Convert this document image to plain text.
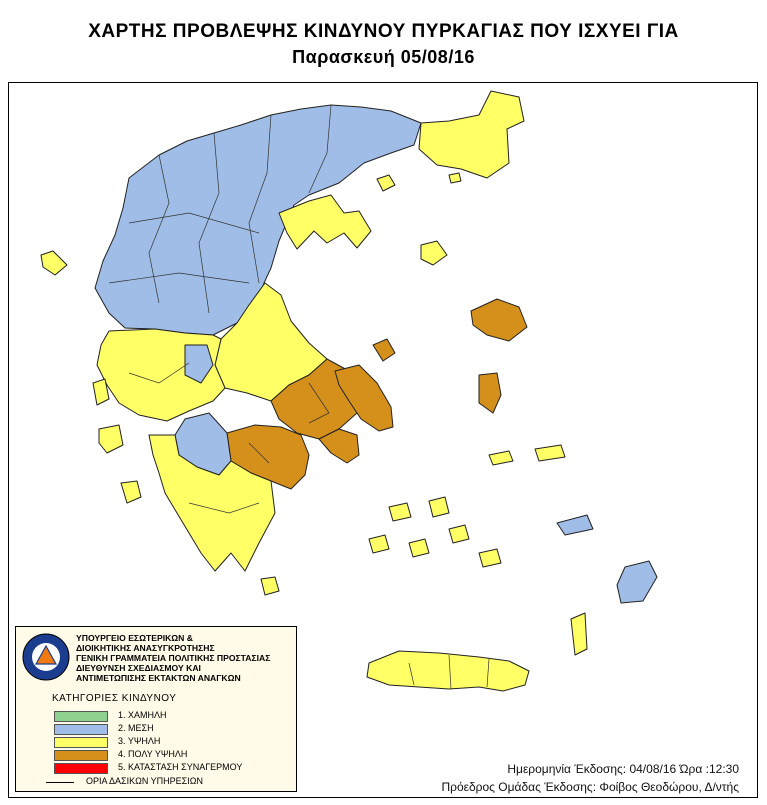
ΧΑΡΤΗΣ ΠΡΟΒΛΕΨΗΣ ΚΙΝΔΥΝΟΥ ΠΥΡΚΑΓΙΑΣ ΠΟΥ ΙΣΧΥΕΙ ΓΙΑ
Παρασκευή 05/08/16
ΥΠΟΥΡΓΕΙΟ ΕΣΩΤΕΡΙΚΩΝ &
ΔΙΟΙΚΗΤΙΚΗΣ ΑΝΑΣΥΓΚΡΟΤΗΣΗΣ
ΓΕΝΙΚΗ ΓΡΑΜΜΑΤΕΙΑ ΠΟΛΙΤΙΚΗΣ ΠΡΟΣΤΑΣΙΑΣ
ΔΙΕΥΘΥΝΣΗ ΣΧΕΔΙΑΣΜΟΥ ΚΑΙ
ΑΝΤΙΜΕΤΩΠΙΣΗΣ ΕΚΤΑΚΤΩΝ ΑΝΑΓΚΩΝ
ΚΑΤΗΓΟΡΙΕΣ ΚΙΝΔΥΝΟΥ
1. ΧΑΜΗΛΗ
2. ΜΕΣΗ
3. ΥΨΗΛΗ
4. ΠΟΛΥ ΥΨΗΛΗ
5. ΚΑΤΑΣΤΑΣΗ ΣΥΝΑΓΕΡΜΟΥ
ΟΡΙΑ ΔΑΣΙΚΩΝ ΥΠΗΡΕΣΙΩΝ
Ημερομηνία Έκδοσης: 04/08/16 Ώρα :12:30
Πρόεδρος Ομάδας Έκδοσης: Φοίβος Θεοδώρου, Δ/ντής
